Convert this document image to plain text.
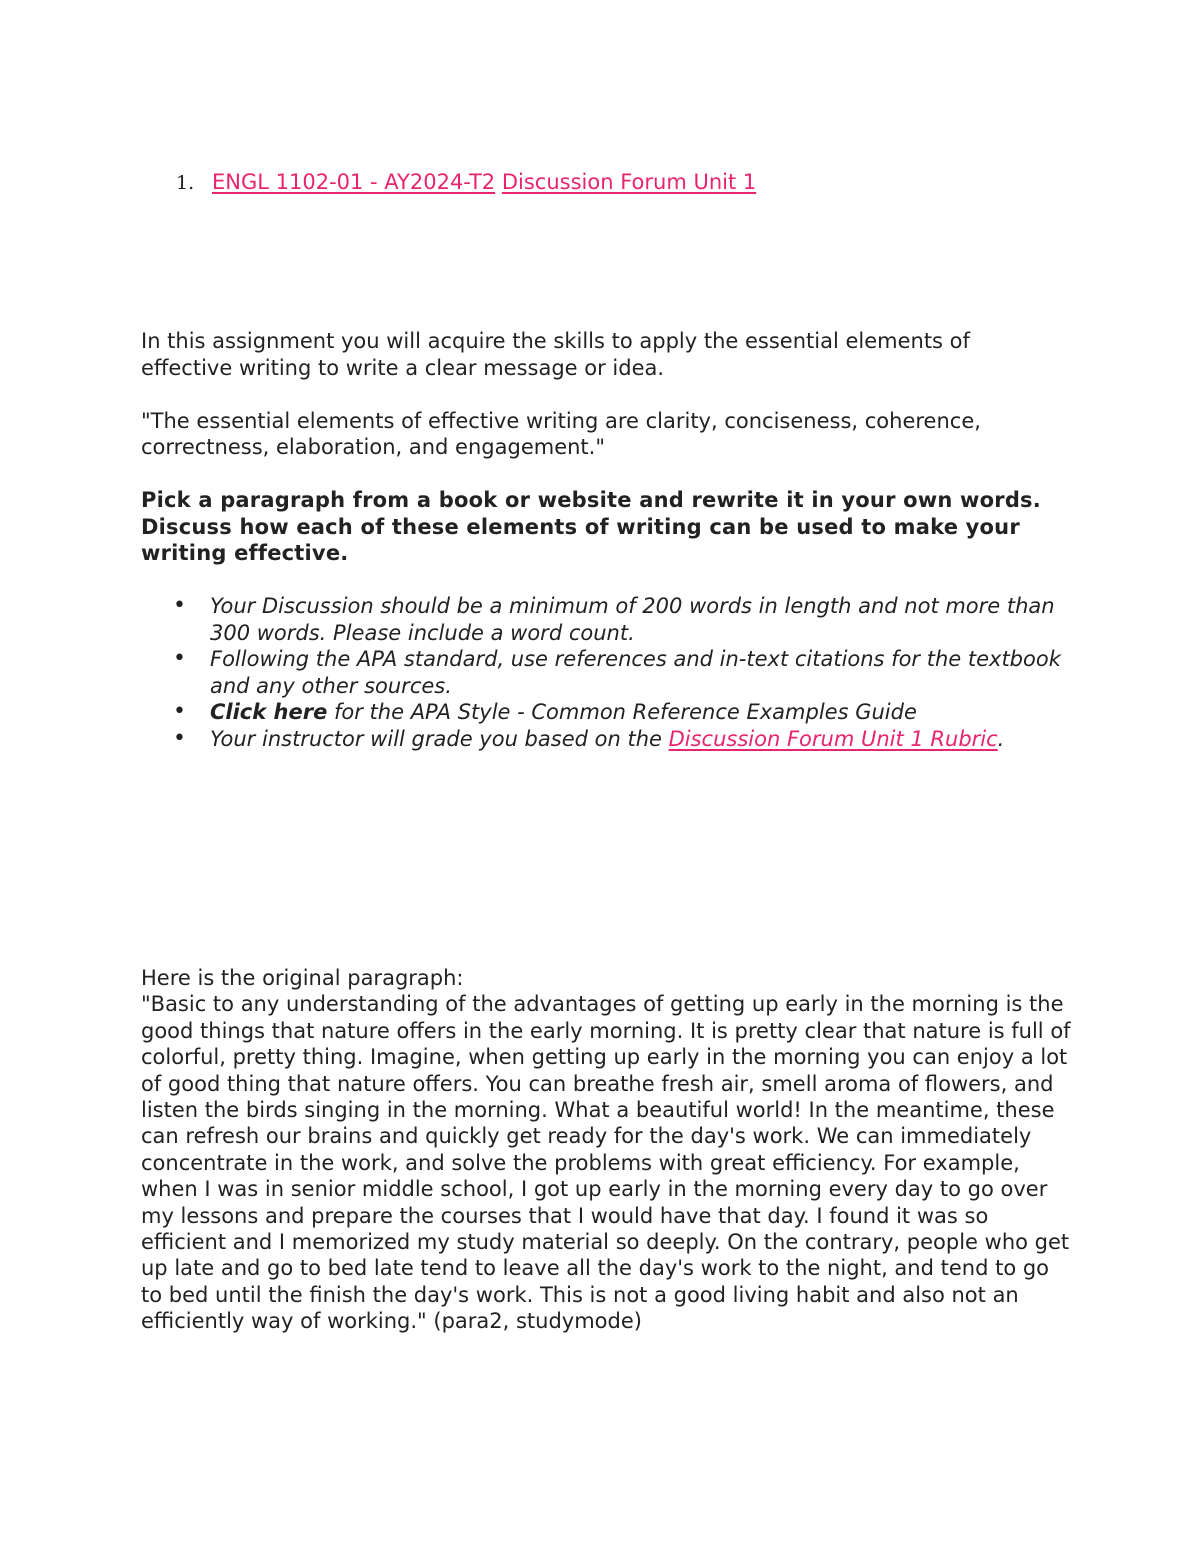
1. ENGL 1102-01 - AY2024-T2 Discussion Forum Unit 1

In this assignment you will acquire the skills to apply the essential elements of effective writing to write a clear message or idea.

"The essential elements of effective writing are clarity, conciseness, coherence, correctness, elaboration, and engagement."

Pick a paragraph from a book or website and rewrite it in your own words. Discuss how each of these elements of writing can be used to make your writing effective.

• Your Discussion should be a minimum of 200 words in length and not more than 300 words. Please include a word count.
• Following the APA standard, use references and in-text citations for the textbook and any other sources.
• Click here for the APA Style - Common Reference Examples Guide
• Your instructor will grade you based on the Discussion Forum Unit 1 Rubric.

Here is the original paragraph:

"Basic to any understanding of the advantages of getting up early in the morning is the good things that nature offers in the early morning. It is pretty clear that nature is full of colorful, pretty thing. Imagine, when getting up early in the morning you can enjoy a lot of good thing that nature offers. You can breathe fresh air, smell aroma of flowers, and listen the birds singing in the morning. What a beautiful world! In the meantime, these can refresh our brains and quickly get ready for the day's work. We can immediately concentrate in the work, and solve the problems with great efficiency. For example, when I was in senior middle school, I got up early in the morning every day to go over my lessons and prepare the courses that I would have that day. I found it was so efficient and I memorized my study material so deeply. On the contrary, people who get up late and go to bed late tend to leave all the day's work to the night, and tend to go to bed until the finish the day's work. This is not a good living habit and also not an efficiently way of working." (para2, studymode)
